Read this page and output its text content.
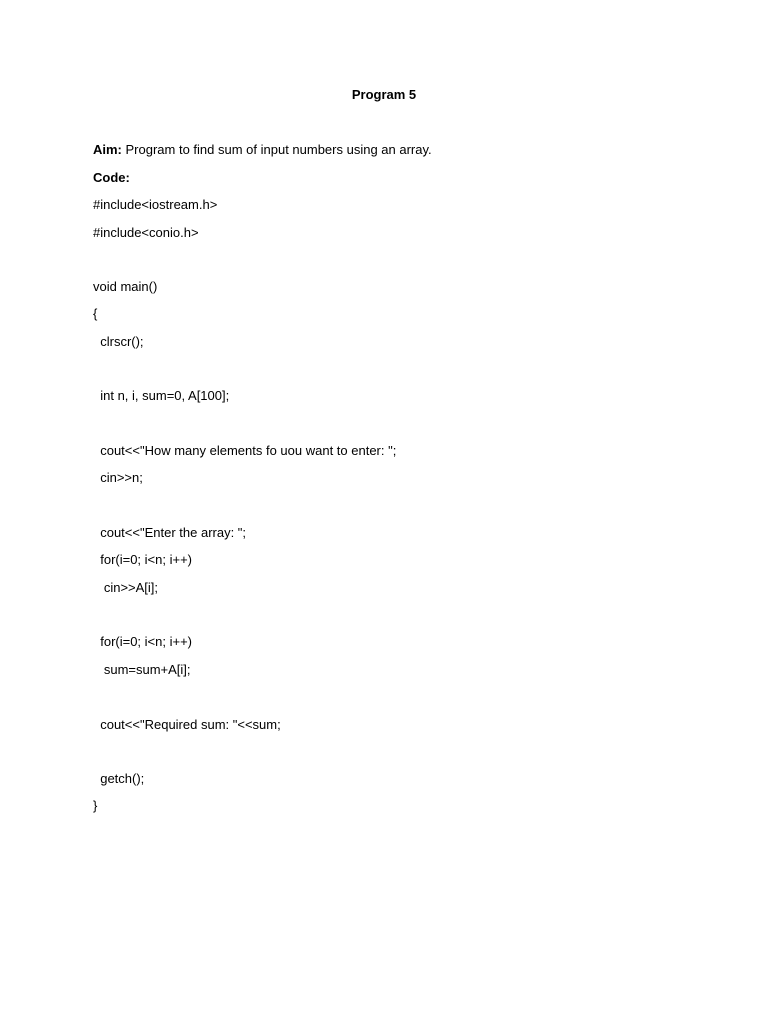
Program 5
Aim: Program to find sum of input numbers using an array.
Code:
#include<iostream.h>
#include<conio.h>
void main()
{
clrscr();
int n, i, sum=0, A[100];
cout<<"How many elements fo uou want to enter: ";
cin>>n;
cout<<"Enter the array: ";
for(i=0; i<n; i++)
cin>>A[i];
for(i=0; i<n; i++)
sum=sum+A[i];
cout<<"Required sum: "<<sum;
getch();
}
